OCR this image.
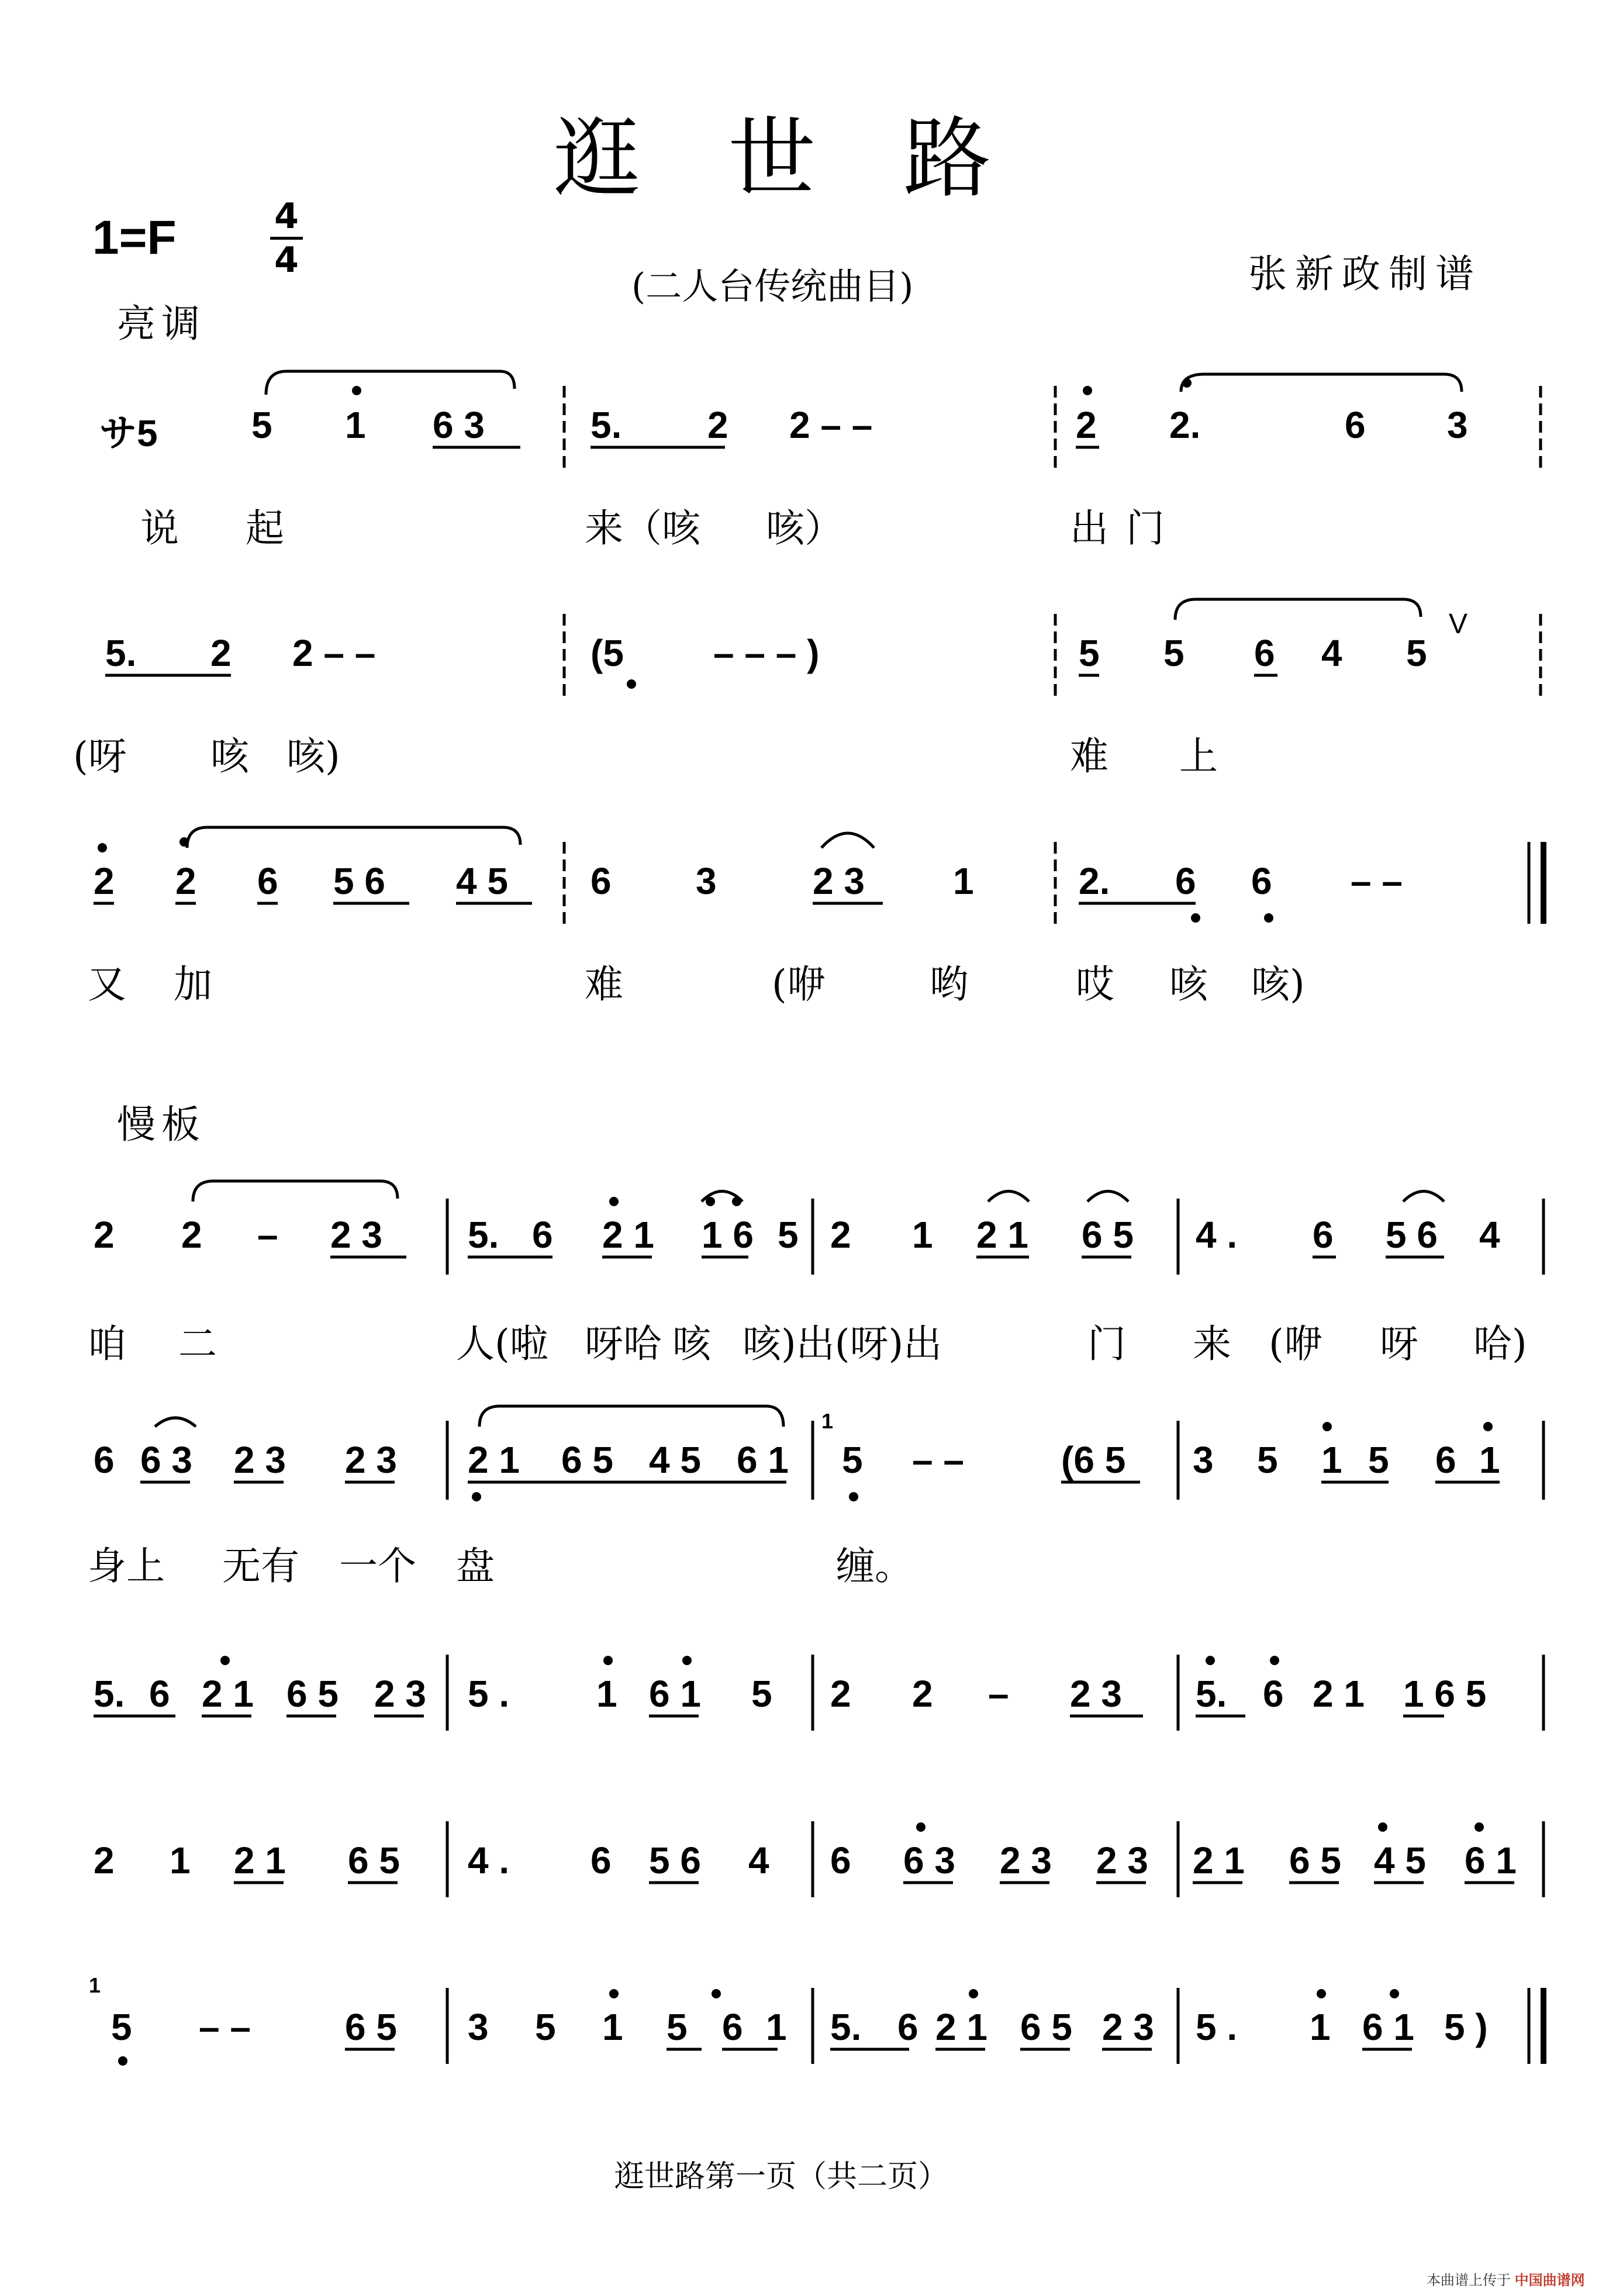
逛世路
1=F	4
4
(二人台传统曲目)	张新政制谱
亮调
サ5	5 1 6 3	5. 2 2 – –	2 2.	6 3
说 起	来（咳 咳）	出门
5. 2 2 – –	(5 – – – )	5 5 6 4 5
V
(呀 咳 咳)	难 上
2 2 6 5 6 4 5 6 3	2 3 1	2. 6 6 – –
又 加	难	(咿	哟	哎 咳 咳)
慢板
2 2 – 2 3 5. 6 2 1 1 6 5 2 1 2 1 6 5 4 . 6 5 6 4
咱 二	人(啦 呀哈 咳 咳)出(呀)出	门 来 (咿 呀 哈)
6 6 3 2 3 2 3 2 1 6 5 4 5 6 1 5 – –	(6 5 3 5 1 5 6 1
1
身上 无有 一个 盘	缠。
5. 6 2 1 6 5 2 3 5 . 1 6 1 5 2 2 – 2 3 5. 6 2 1 1 6 5
2 1 2 1 6 5 4 . 6 5 6 4 6 6 3 2 3 2 3 2 1 6 5 4 5 6 1
5 – –	6 5 3 5 1 5 6 1 5. 6 2 1 6 5 2 3 5 . 1 6 1 5 )
1
逛世路第一页（共二页）
本曲谱上传于 中国曲谱网
